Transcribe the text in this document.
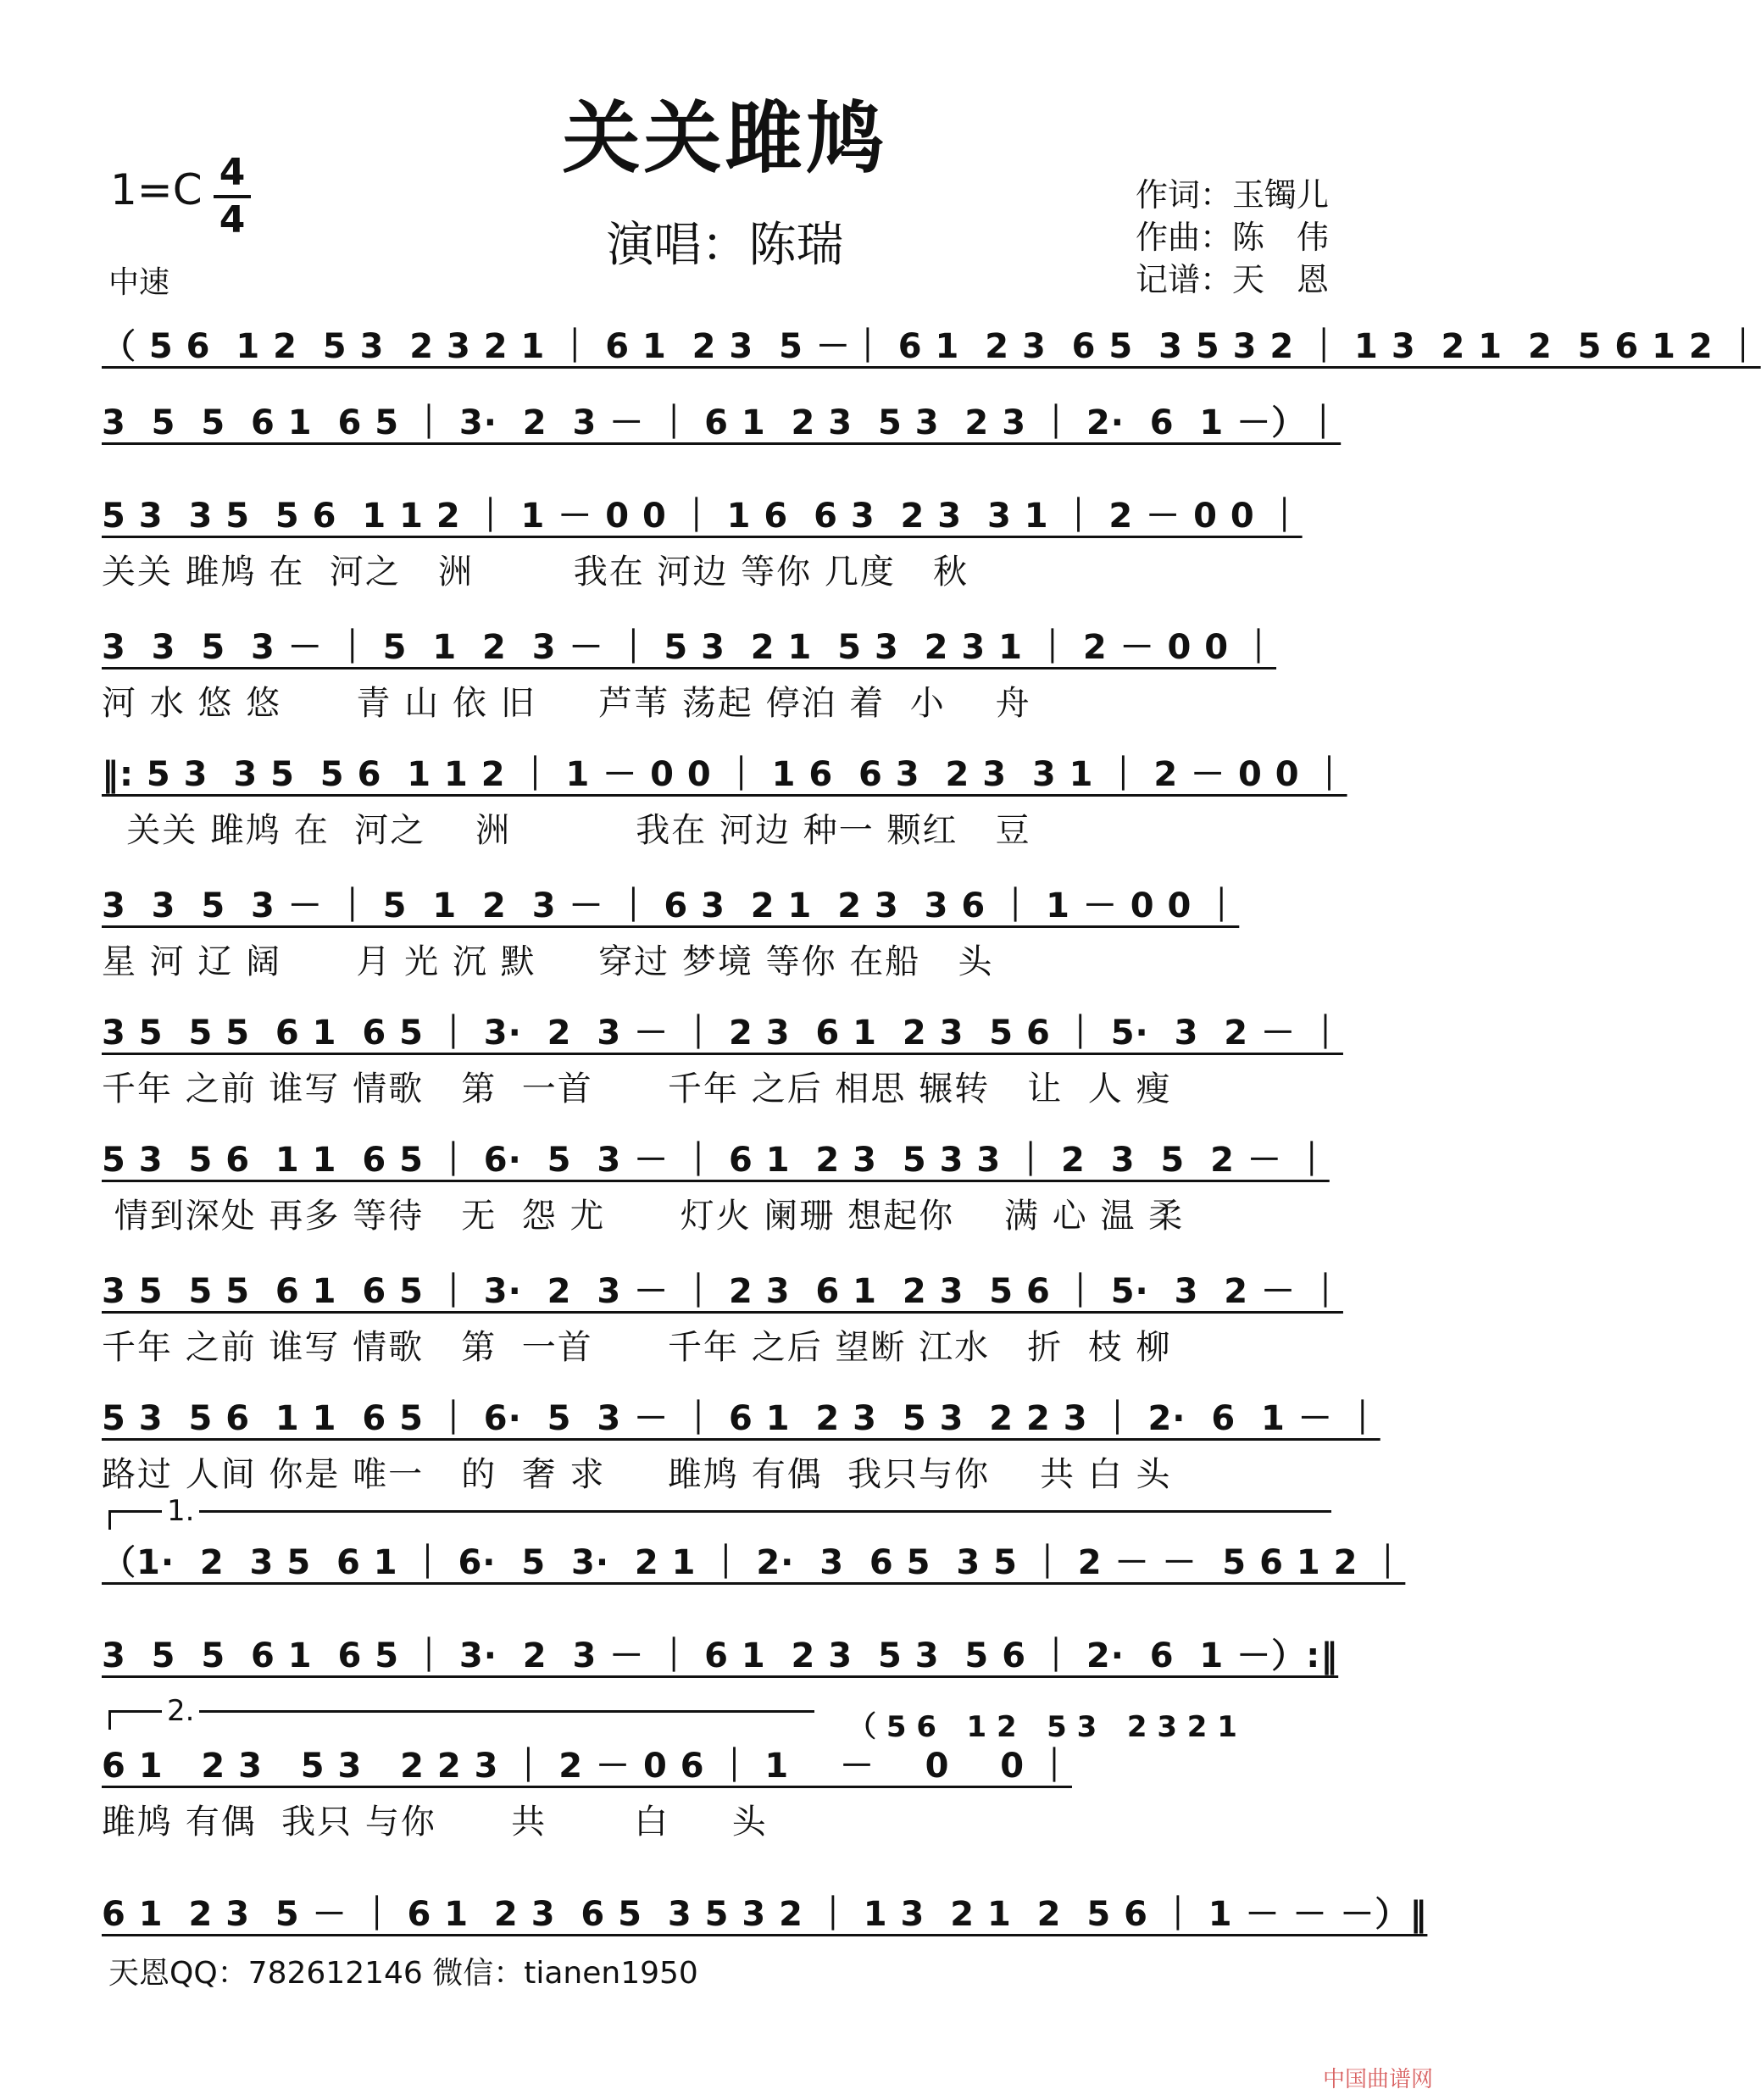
关关雎鸠
演唱：陈瑞
1=C 4
4
中速
作词：玉镯儿
作曲：陈　伟
记谱：天　恩
（ 5 6  1 2  5 3  2 3 2 1 ｜ 6 1  2 3  5 －｜ 6 1  2 3  6 5  3 5 3 2 ｜ 1 3  2 1  2  5 6 1 2 ｜
3  5  5  6 1  6 5 ｜ 3·  2  3 － ｜ 6 1  2 3  5 3  2 3 ｜ 2·  6  1 －）｜
5 3  3 5  5 6  1 1 2 ｜ 1 － 0 0 ｜ 1 6  6 3  2 3  3 1 ｜ 2 － 0 0 ｜
关关 雎鸠 在  河之   洲        我在 河边 等你 几度   秋
3  3  5  3 － ｜ 5  1  2  3 － ｜ 5 3  2 1  5 3  2 3 1 ｜ 2 － 0 0 ｜
河 水 悠 悠      青 山 依 旧     芦苇 荡起 停泊 着  小    舟
‖: 5 3  3 5  5 6  1 1 2 ｜ 1 － 0 0 ｜ 1 6  6 3  2 3  3 1 ｜ 2 － 0 0 ｜
关关 雎鸠 在  河之    洲          我在 河边 种一 颗红   豆
3  3  5  3 － ｜ 5  1  2  3 － ｜ 6 3  2 1  2 3  3 6 ｜ 1 － 0 0 ｜
星 河 辽 阔      月 光 沉 默     穿过 梦境 等你 在船   头
3 5  5 5  6 1  6 5 ｜ 3·  2  3 － ｜ 2 3  6 1  2 3  5 6 ｜ 5·  3  2 － ｜
千年 之前 谁写 情歌   第  一首      千年 之后 相思 辗转   让  人 瘦
5 3  5 6  1 1  6 5 ｜ 6·  5  3 － ｜ 6 1  2 3  5 3 3 ｜ 2  3  5  2 － ｜
情到深处 再多 等待   无  怨 尤      灯火 阑珊 想起你    满 心 温 柔
3 5  5 5  6 1  6 5 ｜ 3·  2  3 － ｜ 2 3  6 1  2 3  5 6 ｜ 5·  3  2 － ｜
千年 之前 谁写 情歌   第  一首      千年 之后 望断 江水   折  枝 柳
5 3  5 6  1 1  6 5 ｜ 6·  5  3 － ｜ 6 1  2 3  5 3  2 2 3 ｜ 2·  6  1 － ｜
路过 人间 你是 唯一   的  奢 求     雎鸠 有偶  我只与你    共 白 头
（1·  2  3 5  6 1 ｜ 6·  5  3·  2 1 ｜ 2·  3  6 5  3 5 ｜ 2 － －  5 6 1 2 ｜
3  5  5  6 1  6 5 ｜ 3·  2  3 － ｜ 6 1  2 3  5 3  5 6 ｜ 2·  6  1 －）:‖
6 1   2 3   5 3   2 2 3 ｜ 2 － 0 6 ｜ 1    －    0    0 ｜
雎鸠 有偶  我只 与你      共       白     头
6 1  2 3  5 － ｜ 6 1  2 3  6 5  3 5 3 2 ｜ 1 3  2 1  2  5 6 ｜ 1 － － －）‖
1.
2.	（ 5 6   1 2   5 3   2 3 2 1
天恩QQ：782612146 微信：tianen1950
中国曲谱网
